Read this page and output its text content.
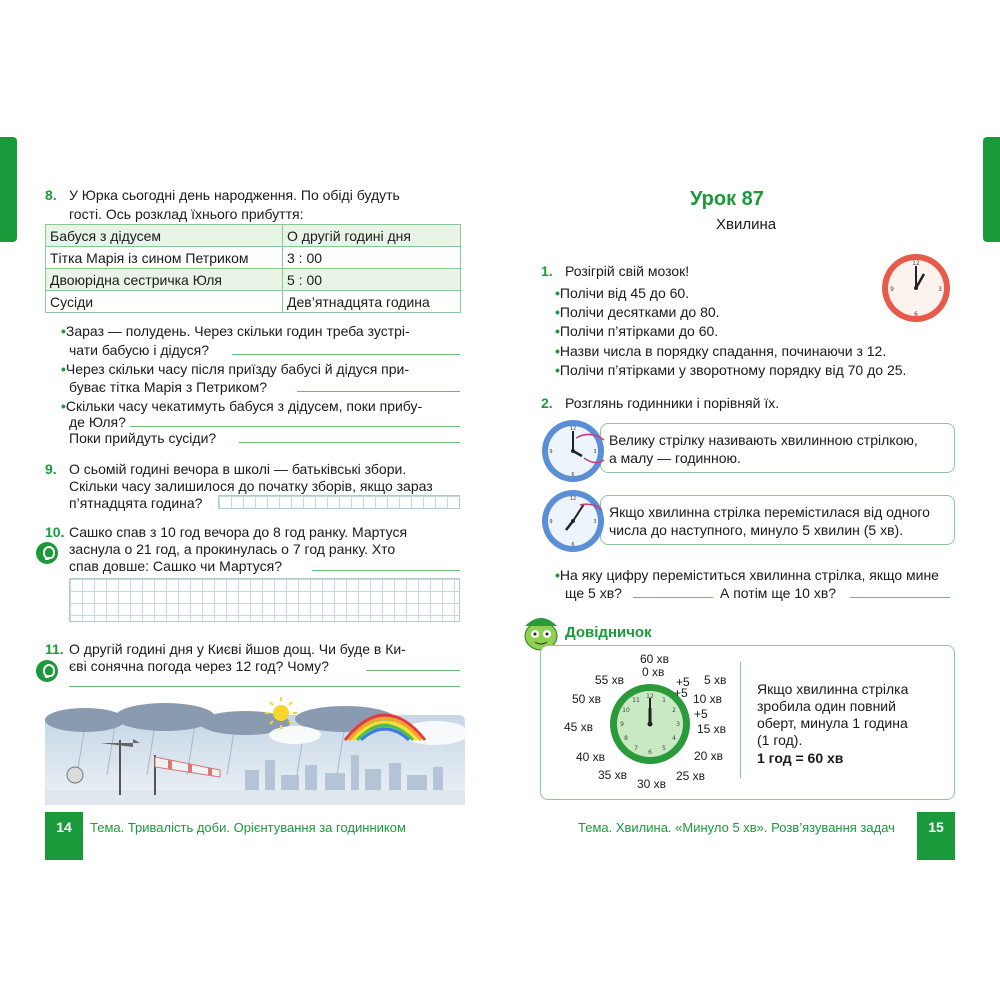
8. У Юрка сьогодні день народження. По обіді будуть
гості. Ось розклад їхнього прибуття:
Бабуся з дідусем	О другій годині дня
Тітка Марія із сином Петриком	3 : 00
Двоюрідна сестричка Юля	5 : 00
Сусіди	Дев’ятнадцята година
•Зараз — полудень. Через скільки годин треба зустрі-
чати бабусю і дідуся?
•Через скільки часу після приїзду бабусі й дідуся при-
буває тітка Марія з Петриком?
•Скільки часу чекатимуть бабуся з дідусем, поки прибу-
де Юля?
Поки прийдуть сусіди?
9. О сьомій годині вечора в школі — батьківські збори.
Скільки часу залишилося до початку зборів, якщо зараз
п’ятнадцята година?
10. Сашко спав з 10 год вечора до 8 год ранку. Мартуся
заснула о 21 год, а прокинулась о 7 год ранку. Хто
спав довше: Сашко чи Мартуся?
11. О другій годині дня у Києві йшов дощ. Чи буде в Ки-
єві сонячна погода через 12 год? Чому?
14	Тема. Тривалість доби. Орієнтування за годинником
Урок 87
Хвилина
12
3
6
9
1. Розігрій свій мозок!
•Полічи від 45 до 60.
•Полічи десятками до 80.
•Полічи п’ятірками до 60.
•Назви числа в порядку спадання, починаючи з 12.
•Полічи п’ятірками у зворотному порядку від 70 до 25.
2. Розглянь годинники і порівняй їх.
Велику стрілку називають хвилинною стрілкою,
а малу — годинною.
12
3
6
9
Якщо хвилинна стрілка перемістилася від одного
числа до наступного, минуло 5 хвилин (5 хв).
12
3
6
9
•На яку цифру переміститься хвилинна стрілка, якщо мине
ще 5 хв?	А потім ще 10 хв?
Довідничок
12
1
2
3
4
5
6
7
8
9
10
11
60 хв
0 хв
+5 5 хв
+5 10 хв
+5
15 хв
20 хв
25 хв
30 хв
35 хв
40 хв
45 хв
50 хв
55 хв
Якщо хвилинна стрілка
зробила один повний
оберт, минула 1 година
(1 год).
1 год = 60 хв
Тема. Хвилина. «Минуло 5 хв». Розв’язування задач	15
